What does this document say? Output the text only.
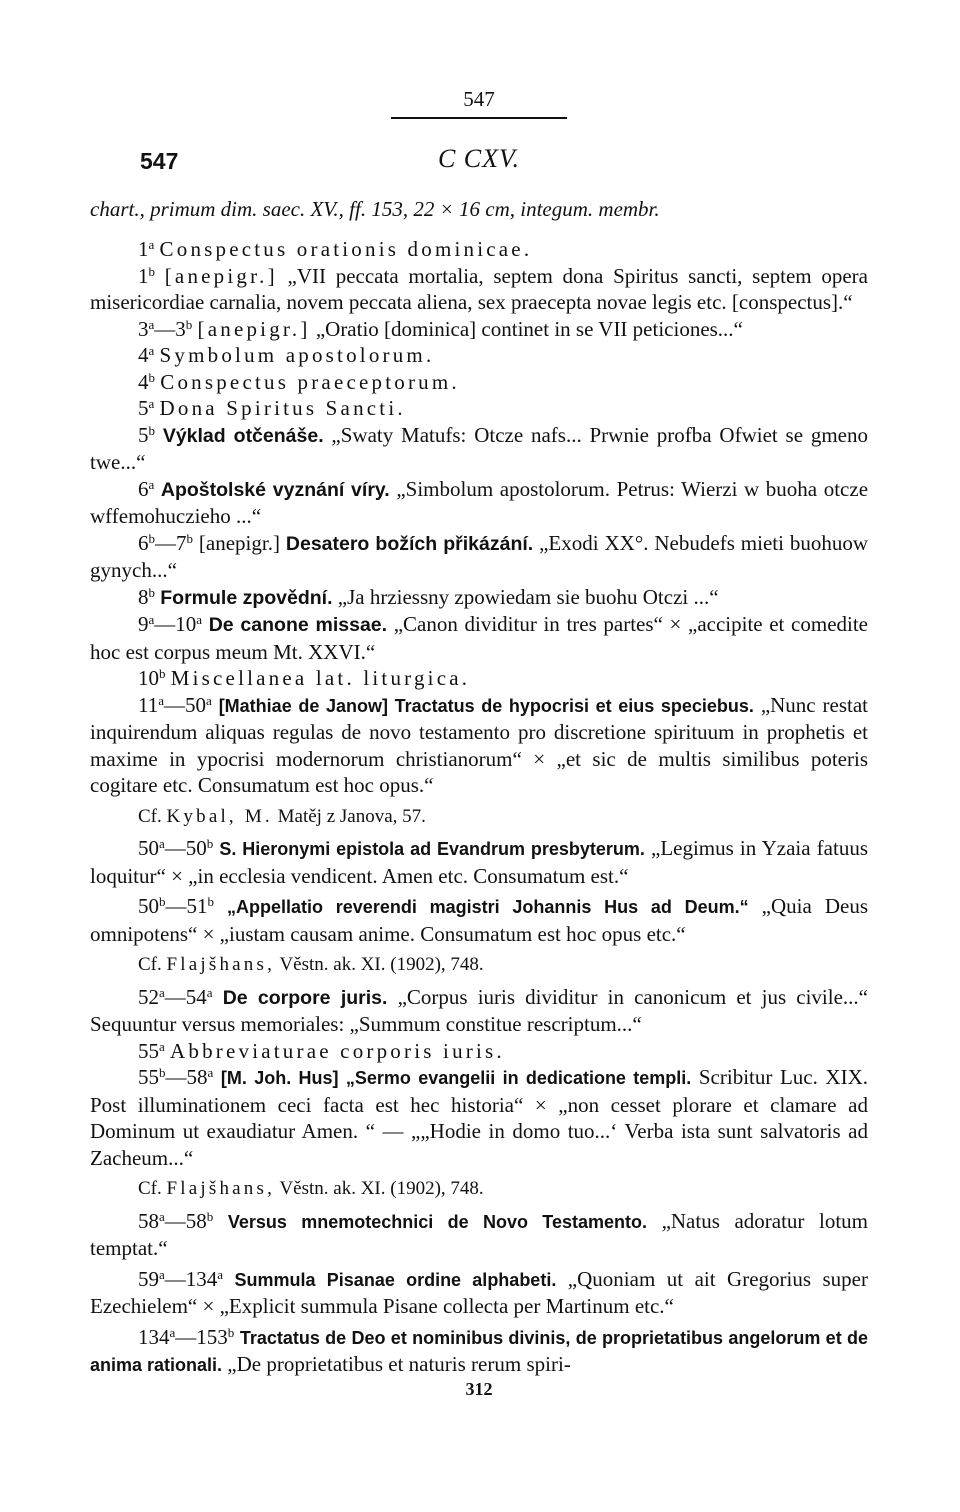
547
547	C CXV.
chart., primum dim. saec. XV., ff. 153, 22 × 16 cm, integum. membr.

1$^a$ Conspectus orationis dominicae.

1$^b$ [anepigr.] „VII peccata mortalia, septem dona Spiritus sancti, septem opera misericordiae carnalia, novem peccata aliena, sex praecepta novae legis etc. [conspectus].“

3$^a$—3$^b$ [anepigr.] „Oratio [dominica] continet in se VII peticiones...“

4$^a$ Symbolum apostolorum.

4$^b$ Conspectus praeceptorum.

5$^a$ Dona Spiritus Sancti.

5$^b$ Výklad otčenáše. „Swaty Matufs: Otcze nafs... Prwnie profba Ofwiet se gmeno twe...“

6$^a$ Apoštolské vyznání víry. „Simbolum apostolorum. Petrus: Wierzi w buoha otcze wffemohuczieho ...“

6$^b$—7$^b$ [anepigr.] Desatero božích přikázání. „Exodi XX°. Nebudefs mieti buohuow gynych...“

8$^b$ Formule zpovědní. „Ja hrziessny zpowiedam sie buohu Otczi ...“

9$^a$—10$^a$ De canone missae. „Canon dividitur in tres partes“ × „accipite et comedite hoc est corpus meum Mt. XXVI.“

10$^b$ Miscellanea lat. liturgica.

11$^a$—50$^a$ [Mathiae de Janow] Tractatus de hypocrisi et eius speciebus. „Nunc restat inquirendum aliquas regulas de novo testamento pro discretione spirituum in prophetis et maxime in ypocrisi modernorum christianorum“ × „et sic de multis similibus poteris cogitare etc. Consumatum est hoc opus.“

Cf. Kybal, M. Matěj z Janova, 57.

50$^a$—50$^b$ S. Hieronymi epistola ad Evandrum presbyterum. „Legimus in Yzaia fatuus loquitur“ × „in ecclesia vendicent. Amen etc. Consumatum est.“

50$^b$—51$^b$ „Appellatio reverendi magistri Johannis Hus ad Deum.“ „Quia Deus omnipotens“ × „iustam causam anime. Consumatum est hoc opus etc.“

Cf. Flajšhans, Věstn. ak. XI. (1902), 748.

52$^a$—54$^a$ De corpore juris. „Corpus iuris dividitur in canonicum et jus civile...“ Sequuntur versus memoriales: „Summum constitue rescriptum...“

55$^a$ Abbreviaturae corporis iuris.

55$^b$—58$^a$ [M. Joh. Hus] „Sermo evangelii in dedicatione templi. Scribitur Luc. XIX. Post illuminationem ceci facta est hec historia“ × „non cesset plorare et clamare ad Dominum ut exaudiatur Amen. “ — „„Hodie in domo tuo...‘ Verba ista sunt salvatoris ad Zacheum...“

Cf. Flajšhans, Věstn. ak. XI. (1902), 748.

58$^a$—58$^b$ Versus mnemotechnici de Novo Testamento. „Natus adoratur lotum temptat.“

59$^a$—134$^a$ Summula Pisanae ordine alphabeti. „Quoniam ut ait Gregorius super Ezechielem“ × „Explicit summula Pisane collecta per Martinum etc.“

134$^a$—153$^b$ Tractatus de Deo et nominibus divinis, de proprietatibus angelorum et de anima rationali. „De proprietatibus et naturis rerum spiri-

312
